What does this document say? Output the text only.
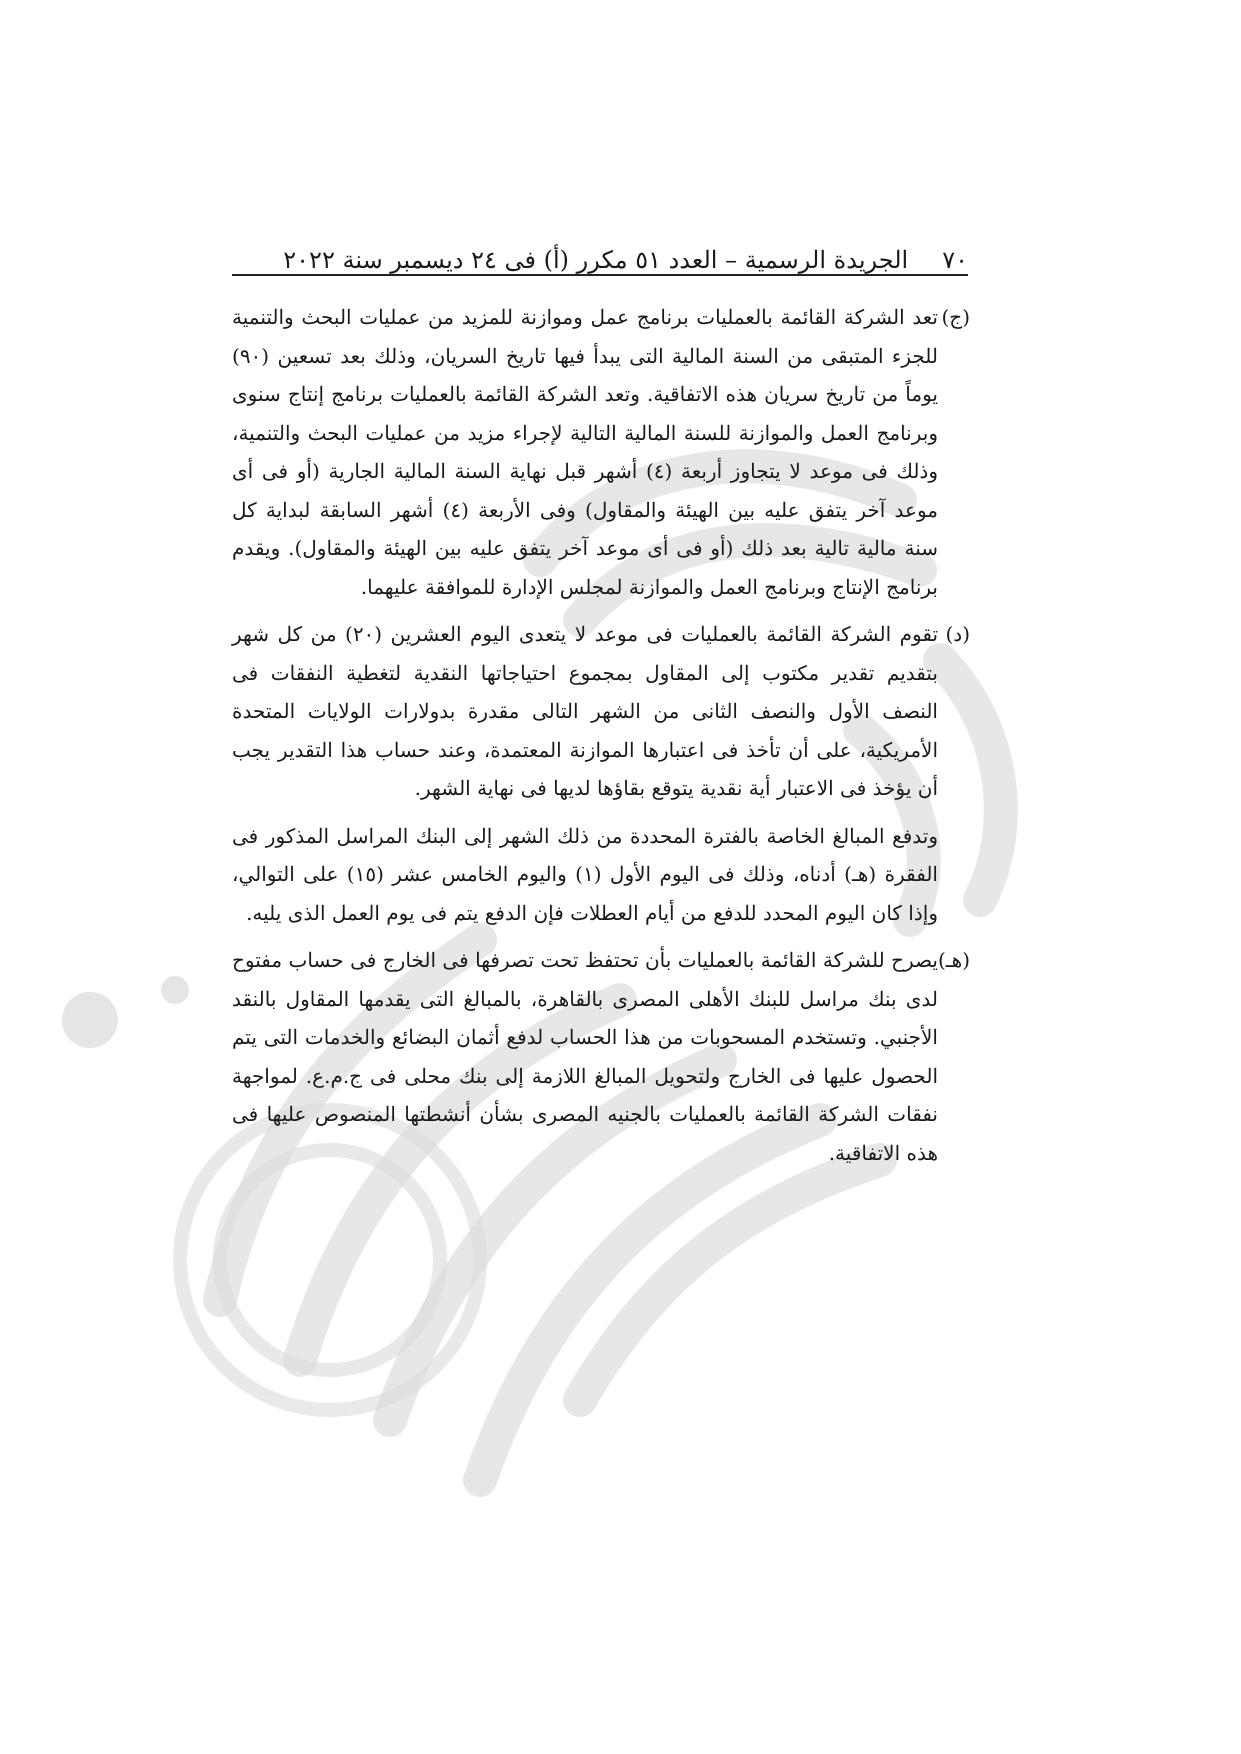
٧٠
الجريدة الرسمية – العدد ٥١ مكرر (أ) فى ٢٤ ديسمبر سنة ٢٠٢٢

(ج)تعد الشركة القائمة بالعمليات برنامج عمل وموازنة للمزيد من عمليات البحث والتنمية للجزء المتبقى من السنة المالية التى يبدأ فيها تاريخ السريان، وذلك بعد تسعين (٩٠) يوماً من تاريخ سريان هذه الاتفاقية. وتعد الشركة القائمة بالعمليات برنامج إنتاج سنوى وبرنامج العمل والموازنة للسنة المالية التالية لإجراء مزيد من عمليات البحث والتنمية، وذلك فى موعد لا يتجاوز أربعة (٤) أشهر قبل نهاية السنة المالية الجارية (أو فى أى موعد آخر يتفق عليه بين الهيئة والمقاول) وفى الأربعة (٤) أشهر السابقة لبداية كل سنة مالية تالية بعد ذلك (أو فى أى موعد آخر يتفق عليه بين الهيئة والمقاول). ويقدم برنامج الإنتاج وبرنامج العمل والموازنة لمجلس الإدارة للموافقة عليهما.

(د)تقوم الشركة القائمة بالعمليات فى موعد لا يتعدى اليوم العشرين (٢٠) من كل شهر بتقديم تقدير مكتوب إلى المقاول بمجموع احتياجاتها النقدية لتغطية النفقات فى النصف الأول والنصف الثانى من الشهر التالى مقدرة بدولارات الولايات المتحدة الأمريكية، على أن تأخذ فى اعتبارها الموازنة المعتمدة، وعند حساب هذا التقدير يجب أن يؤخذ فى الاعتبار أية نقدية يتوقع بقاؤها لديها فى نهاية الشهر.

وتدفع المبالغ الخاصة بالفترة المحددة من ذلك الشهر إلى البنك المراسل المذكور فى الفقرة (هـ) أدناه، وذلك فى اليوم الأول (١) واليوم الخامس عشر (١٥) على التوالي، وإذا كان اليوم المحدد للدفع من أيام العطلات فإن الدفع يتم فى يوم العمل الذى يليه.

(هـ)يصرح للشركة القائمة بالعمليات بأن تحتفظ تحت تصرفها فى الخارج فى حساب مفتوح لدى بنك مراسل للبنك الأهلى المصرى بالقاهرة، بالمبالغ التى يقدمها المقاول بالنقد الأجنبي. وتستخدم المسحوبات من هذا الحساب لدفع أثمان البضائع والخدمات التى يتم الحصول عليها فى الخارج ولتحويل المبالغ اللازمة إلى بنك محلى فى ج.م.ع. لمواجهة نفقات الشركة القائمة بالعمليات بالجنيه المصرى بشأن أنشطتها المنصوص عليها فى هذه الاتفاقية.
